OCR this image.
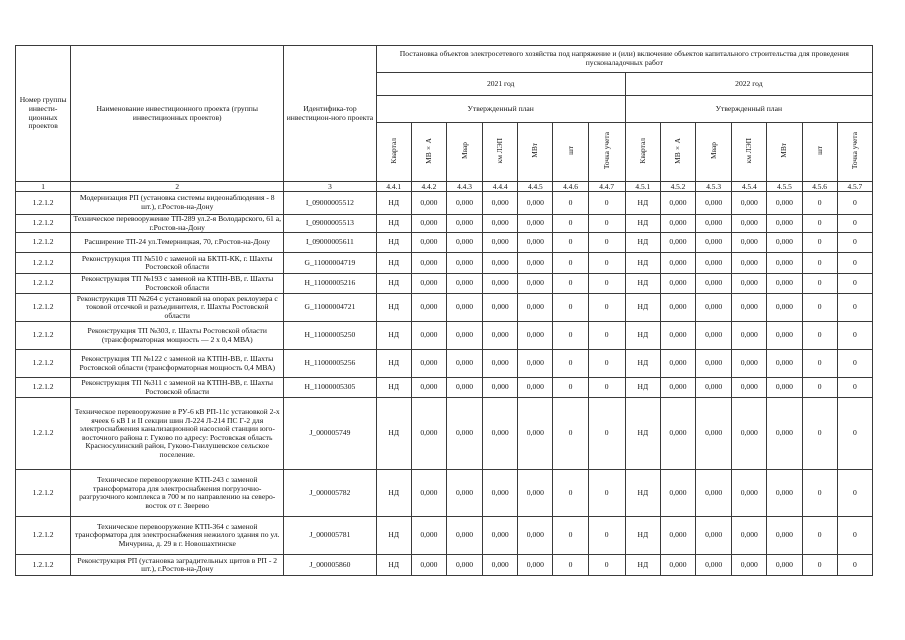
Номер группы инвести-ционных проектов	Наименование инвестиционного проекта (группы инвестиционных проектов)	Идентифика-тор инвестицион-ного проекта	Постановка объектов электросетевого хозяйства под напряжение и (или) включение объектов капитального строительства для проведения пусконаладочных работ													
			2021 год							2022 год						
			Утвержденный план							Утвержденный план						
			Квартал	МВ×А	Мвар	км ЛЭП	МВт	шт	Точка учета	Квартал	МВ×А	Мвар	км ЛЭП	МВт	шт	Точка учета
1	2	3	4.4.1	4.4.2	4.4.3	4.4.4	4.4.5	4.4.6	4.4.7	4.5.1	4.5.2	4.5.3	4.5.4	4.5.5	4.5.6	4.5.7
1.2.1.2	Модернизация РП (установка системы видеонаблюдения - 8 шт.), г.Ростов-на-Дону	I_09000005512	НД	0,000	0,000	0,000	0,000	0	0	НД	0,000	0,000	0,000	0,000	0	0
1.2.1.2	Техническое перевооружение ТП-289 ул.2-я Володарского, 61 а, г.Ростов-на-Дону	I_09000005513	НД	0,000	0,000	0,000	0,000	0	0	НД	0,000	0,000	0,000	0,000	0	0
1.2.1.2	Расширение ТП-24 ул.Темерницкая, 70, г.Ростов-на-Дону	I_09000005611	НД	0,000	0,000	0,000	0,000	0	0	НД	0,000	0,000	0,000	0,000	0	0
1.2.1.2	Реконструкция ТП №510 с заменой на БКТП-КК, г. Шахты Ростовской области	G_11000004719	НД	0,000	0,000	0,000	0,000	0	0	НД	0,000	0,000	0,000	0,000	0	0
1.2.1.2	Реконструкция ТП №193 с заменой на КТПН-ВВ, г. Шахты Ростовской области	H_11000005216	НД	0,000	0,000	0,000	0,000	0	0	НД	0,000	0,000	0,000	0,000	0	0
1.2.1.2	Реконструкция ТП №264 с установкой на опорах реклоузера с токовой отсечкой и разъединителя, г. Шахты Ростовской области	G_11000004721	НД	0,000	0,000	0,000	0,000	0	0	НД	0,000	0,000	0,000	0,000	0	0
1.2.1.2	Реконструкция ТП №303, г. Шахты Ростовской области (трансформаторная мощность — 2 х 0,4 МВА)	H_11000005250	НД	0,000	0,000	0,000	0,000	0	0	НД	0,000	0,000	0,000	0,000	0	0
1.2.1.2	Реконструкция ТП №122 с заменой на КТПН-ВВ, г. Шахты Ростовской области (трансформаторная мощность 0,4 МВА)	H_11000005256	НД	0,000	0,000	0,000	0,000	0	0	НД	0,000	0,000	0,000	0,000	0	0
1.2.1.2	Реконструкция ТП №311 с заменой на КТПН-ВВ, г. Шахты Ростовской области	H_11000005305	НД	0,000	0,000	0,000	0,000	0	0	НД	0,000	0,000	0,000	0,000	0	0
1.2.1.2	Техническое перевооружение в РУ-6 кВ РП-11с установкой 2-х ячеек 6 кВ I и II секции шин Л-224 Л-214 ПС Г-2 для электроснабжения канализационной насосной станции юго-восточного района г. Гуково по адресу: Ростовская область Красносулинский район, Гуково-Гнилушевское сельское поселение.	J_000005749	НД	0,000	0,000	0,000	0,000	0	0	НД	0,000	0,000	0,000	0,000	0	0
1.2.1.2	Техническое перевооружение КТП-243 с заменой трансформатора для электроснабжения погрузочно-разгрузочного комплекса в 700 м по направлению на северо-восток от г. Зверево	J_000005782	НД	0,000	0,000	0,000	0,000	0	0	НД	0,000	0,000	0,000	0,000	0	0
1.2.1.2	Техническое перевооружение КТП-364 с заменой трансформатора для электроснабжения нежилого здания по ул. Мичурина, д. 29 в г. Новошахтинске	J_000005781	НД	0,000	0,000	0,000	0,000	0	0	НД	0,000	0,000	0,000	0,000	0	0
1.2.1.2	Реконструкция РП (установка заградительных щитов в РП - 2 шт.), г.Ростов-на-Дону	J_000005860	НД	0,000	0,000	0,000	0,000	0	0	НД	0,000	0,000	0,000	0,000	0	0
